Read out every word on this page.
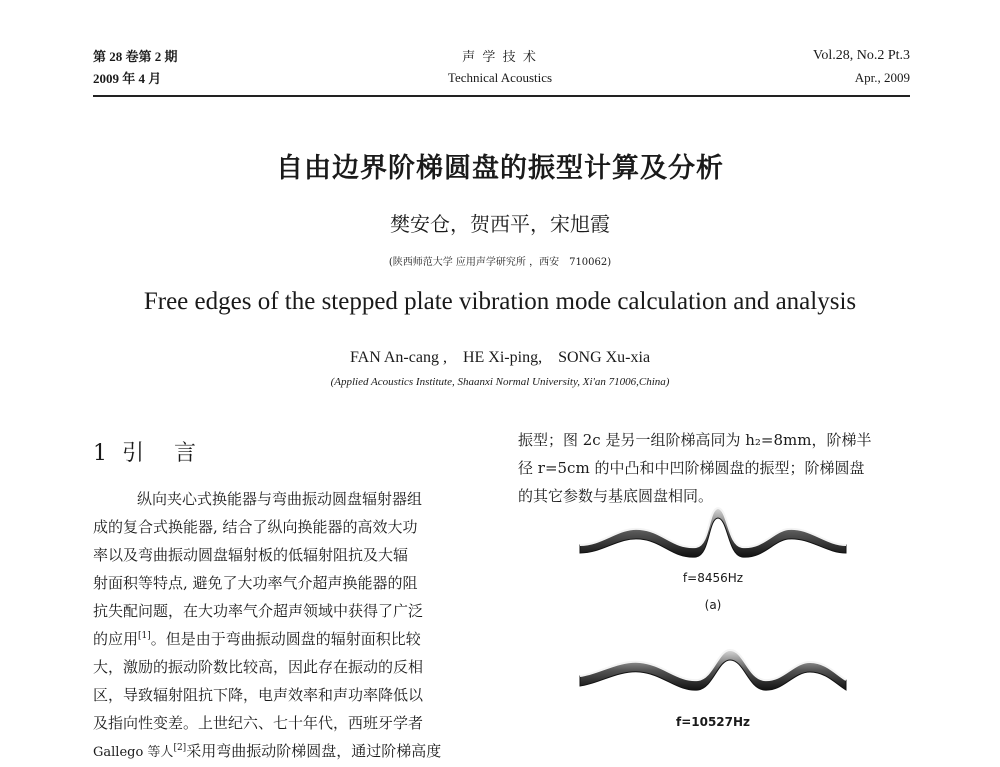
第 28 卷第 2 期
2009 年 4 月
声 学 技 术
Technical Acoustics
Vol.28, No.2 Pt.3
Apr., 2009
自由边界阶梯圆盘的振型计算及分析
樊安仓，贺西平，宋旭霞
(陕西师范大学 应用声学研究所 ，西安　710062)
Free edges of the stepped plate vibration mode calculation and analysis
FAN An-cang ,　HE Xi-ping,　SONG Xu-xia
(Applied Acoustics Institute, Shaanxi Normal University, Xi'an 71006,China)
1 引　言
纵向夹心式换能器与弯曲振动圆盘辐射器组
成的复合式换能器, 结合了纵向换能器的高效大功
率以及弯曲振动圆盘辐射板的低辐射阻抗及大辐
射面积等特点, 避免了大功率气介超声换能器的阻
抗失配问题，在大功率气介超声领域中获得了广泛
的应用[1]。但是由于弯曲振动圆盘的辐射面积比较
大，激励的振动阶数比较高，因此存在振动的反相
区，导致辐射阻抗下降，电声效率和声功率降低以
及指向性变差。上世纪六、七十年代，西班牙学者
Gallego 等人[2]采用弯曲振动阶梯圆盘，通过阶梯高度
振型；图 2c 是另一组阶梯高同为 h₂=8mm，阶梯半
径 r=5cm 的中凸和中凹阶梯圆盘的振型；阶梯圆盘
的其它参数与基底圆盘相同。
f=8456Hz
(a)
f=10527Hz
